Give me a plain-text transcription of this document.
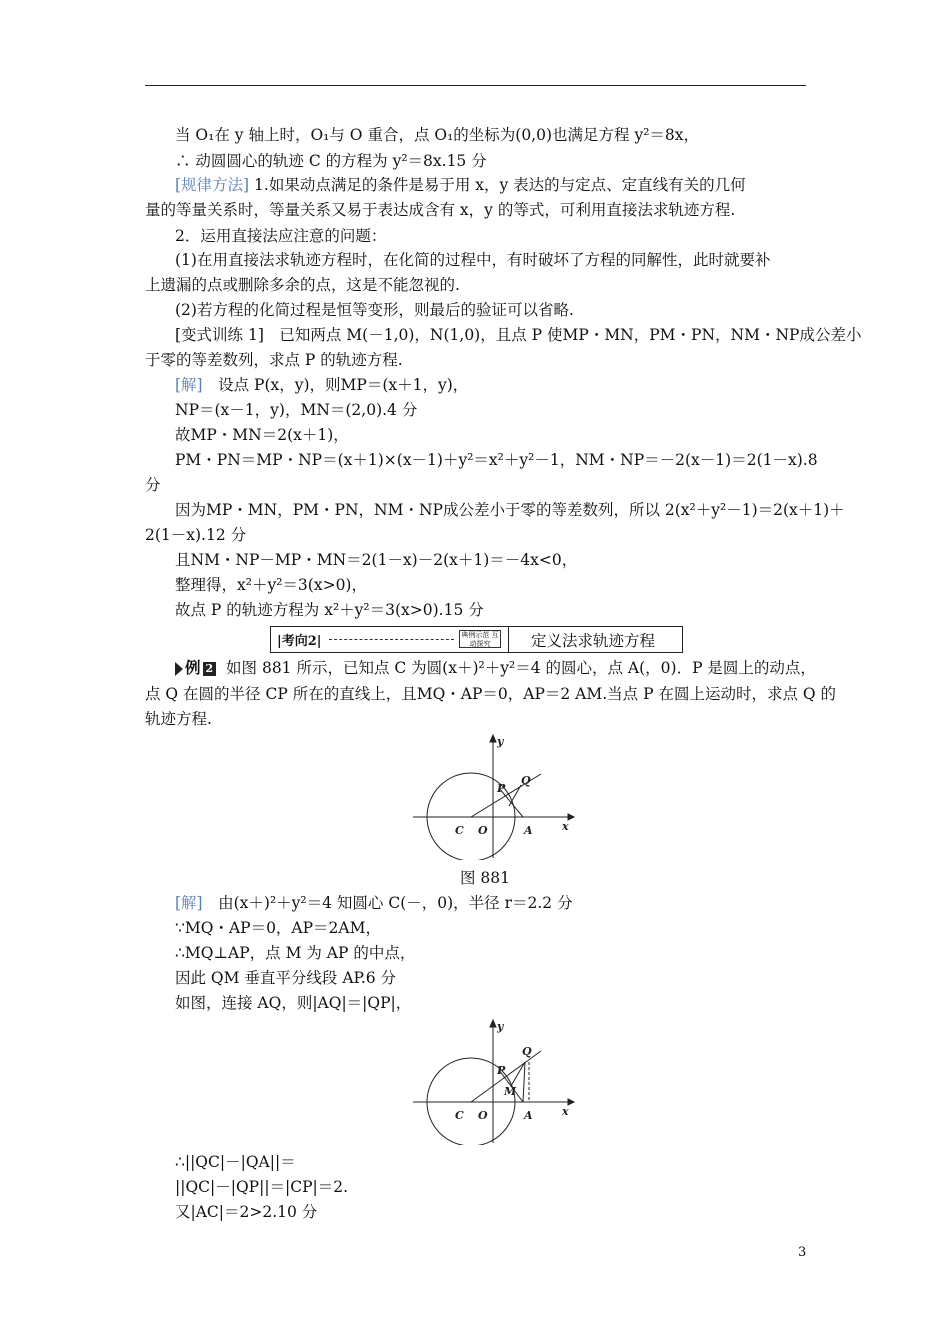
当 O₁在 y 轴上时，O₁与 O 重合，点 O₁的坐标为(0,0)也满足方程 y²＝8x，
∴ 动圆圆心的轨迹 C 的方程为 y²＝8x.15 分
[规律方法] 1.如果动点满足的条件是易于用 x，y 表达的与定点、定直线有关的几何
量的等量关系时，等量关系又易于表达成含有 x，y 的等式，可利用直接法求轨迹方程.
2．运用直接法应注意的问题：
(1)在用直接法求轨迹方程时，在化简的过程中，有时破坏了方程的同解性，此时就要补
上遗漏的点或删除多余的点，这是不能忽视的.
(2)若方程的化简过程是恒等变形，则最后的验证可以省略.
[变式训练 1]　已知两点 M(－1,0)，N(1,0)，且点 P 使MP・MN，PM・PN，NM・NP成公差小
于零的等差数列，求点 P 的轨迹方程.
[解]　设点 P(x，y)，则MP＝(x＋1，y)，
NP＝(x－1，y)，MN＝(2,0).4 分
故MP・MN＝2(x＋1)，
PM・PN＝MP・NP＝(x＋1)×(x－1)＋y²＝x²＋y²－1，NM・NP＝－2(x－1)＝2(1－x).8
分
因为MP・MN，PM・PN，NM・NP成公差小于零的等差数列，所以 2(x²＋y²－1)＝2(x＋1)＋
2(1－x).12 分
且NM・NP－MP・MN＝2(1－x)－2(x＋1)＝－4x<0，
整理得，x²＋y²＝3(x>0)，
故点 P 的轨迹方程为 x²＋y²＝3(x>0).15 分
|考向2|	典例示范 互动探究	定义法求轨迹方程
例 2 如图 881 所示，已知点 C 为圆(x＋)²＋y²＝4 的圆心，点 A(，0)．P 是圆上的动点，
点 Q 在圆的半径 CP 所在的直线上，且MQ・AP＝0，AP＝2 AM.当点 P 在圆上运动时，求点 Q 的
轨迹方程.
y
x
P
Q
C O	A
图 881
[解]　由(x＋)²＋y²＝4 知圆心 C(－，0)，半径 r＝2.2 分
∵MQ・AP＝0，AP＝2AM，
∴MQ⊥AP，点 M 为 AP 的中点，
因此 QM 垂直平分线段 AP.6 分
如图，连接 AQ，则|AQ|＝|QP|，
y
x
P
Q
C O	A
M
∴||QC|－|QA||＝
||QC|－|QP||＝|CP|＝2.
又|AC|＝2>2.10 分
3
